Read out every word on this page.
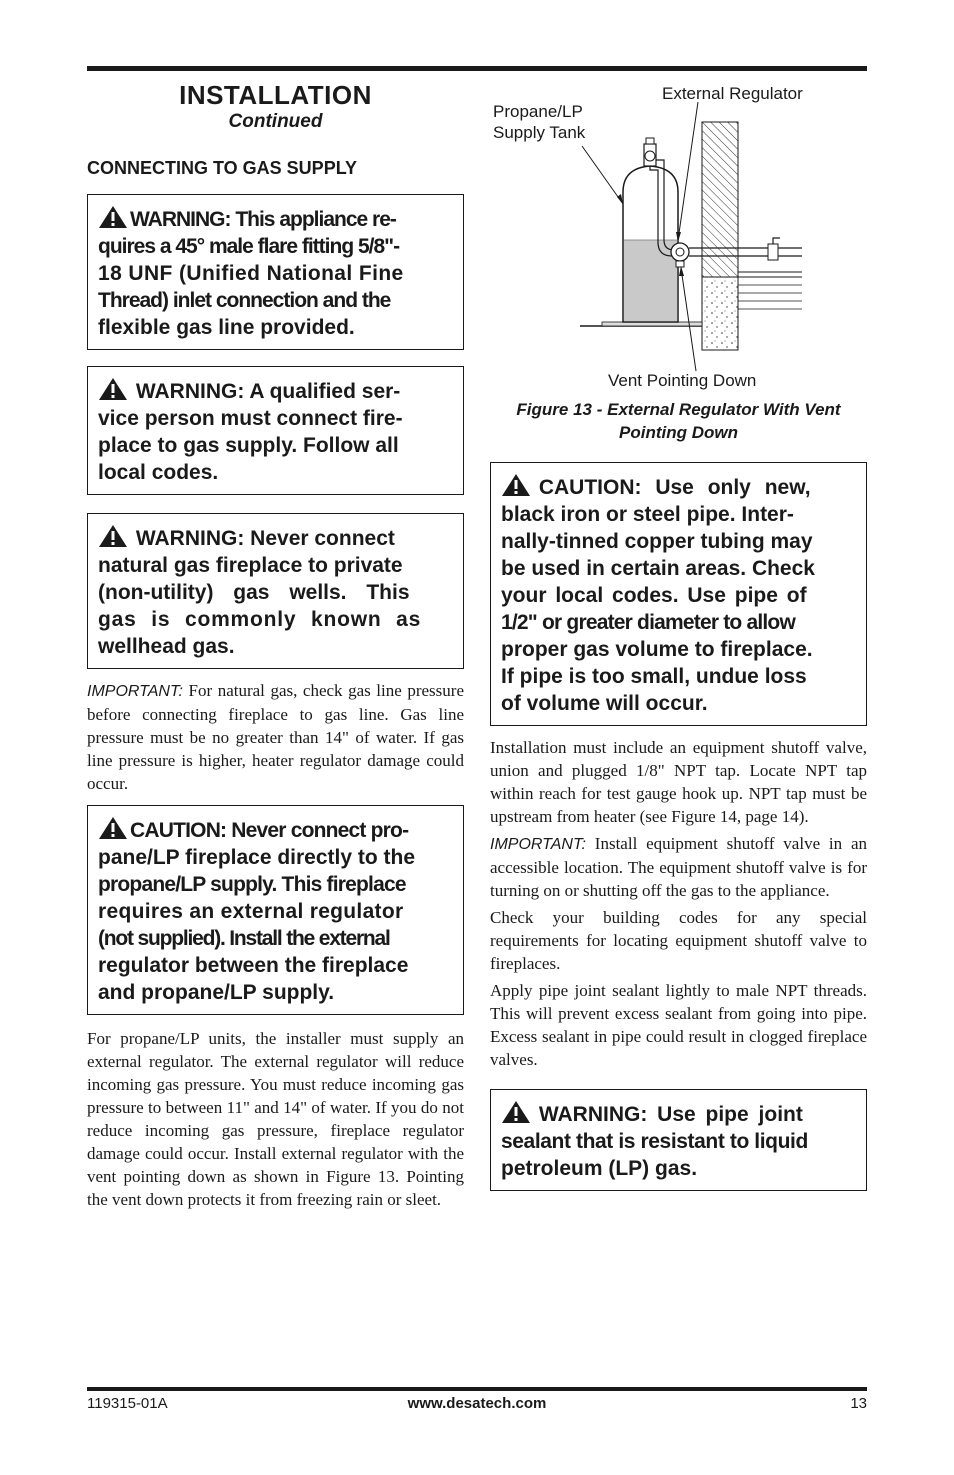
INSTALLATION

Continued

CONNECTING TO GAS SUPPLY

WARNING: This appliance re-
quires a 45° male flare fitting 5/8"-
18 UNF (Unified National Fine
Thread) inlet connection and the
flexible gas line provided.
WARNING: A qualified ser-
vice person must connect fire-
place to gas supply. Follow all
local codes.
WARNING: Never connect
natural gas fireplace to private
(non-utility) gas wells. This
gas is commonly known as
wellhead gas.

IMPORTANT: For natural gas, check gas line pressure before connecting fireplace to gas line. Gas line pressure must be no greater than 14" of water. If gas line pressure is higher, heater regulator damage could occur.

CAUTION: Never connect pro-
pane/LP fireplace directly to the
propane/LP supply. This fireplace
requires an external regulator
(not supplied). Install the external
regulator between the fireplace
and propane/LP supply.

For propane/LP units, the installer must supply an external regulator. The external regulator will reduce incoming gas pressure. You must reduce incoming gas pressure to between 11" and 14" of water. If you do not reduce incoming gas pressure, fireplace regulator damage could occur. Install external regulator with the vent pointing down as shown in Figure 13. Pointing the vent down protects it from freezing rain or sleet.

External Regulator
Propane/LP
Supply Tank
Vent Pointing Down

Figure 13 - External Regulator With Vent
Pointing Down

CAUTION: Use only new,
black iron or steel pipe. Inter-
nally-tinned copper tubing may
be used in certain areas. Check
your local codes. Use pipe of
1/2" or greater diameter to allow
proper gas volume to fireplace.
If pipe is too small, undue loss
of volume will occur.

Installation must include an equipment shutoff valve, union and plugged 1/8" NPT tap. Locate NPT tap within reach for test gauge hook up. NPT tap must be upstream from heater (see Figure 14, page 14).

IMPORTANT: Install equipment shutoff valve in an accessible location. The equipment shutoff valve is for turning on or shutting off the gas to the appliance.

Check your building codes for any special requirements for locating equipment shutoff valve to fireplaces.

Apply pipe joint sealant lightly to male NPT threads. This will prevent excess sealant from going into pipe. Excess sealant in pipe could result in clogged fireplace valves.

WARNING: Use pipe joint
sealant that is resistant to liquid
petroleum (LP) gas.
119315-01A	www.desatech.com	13
